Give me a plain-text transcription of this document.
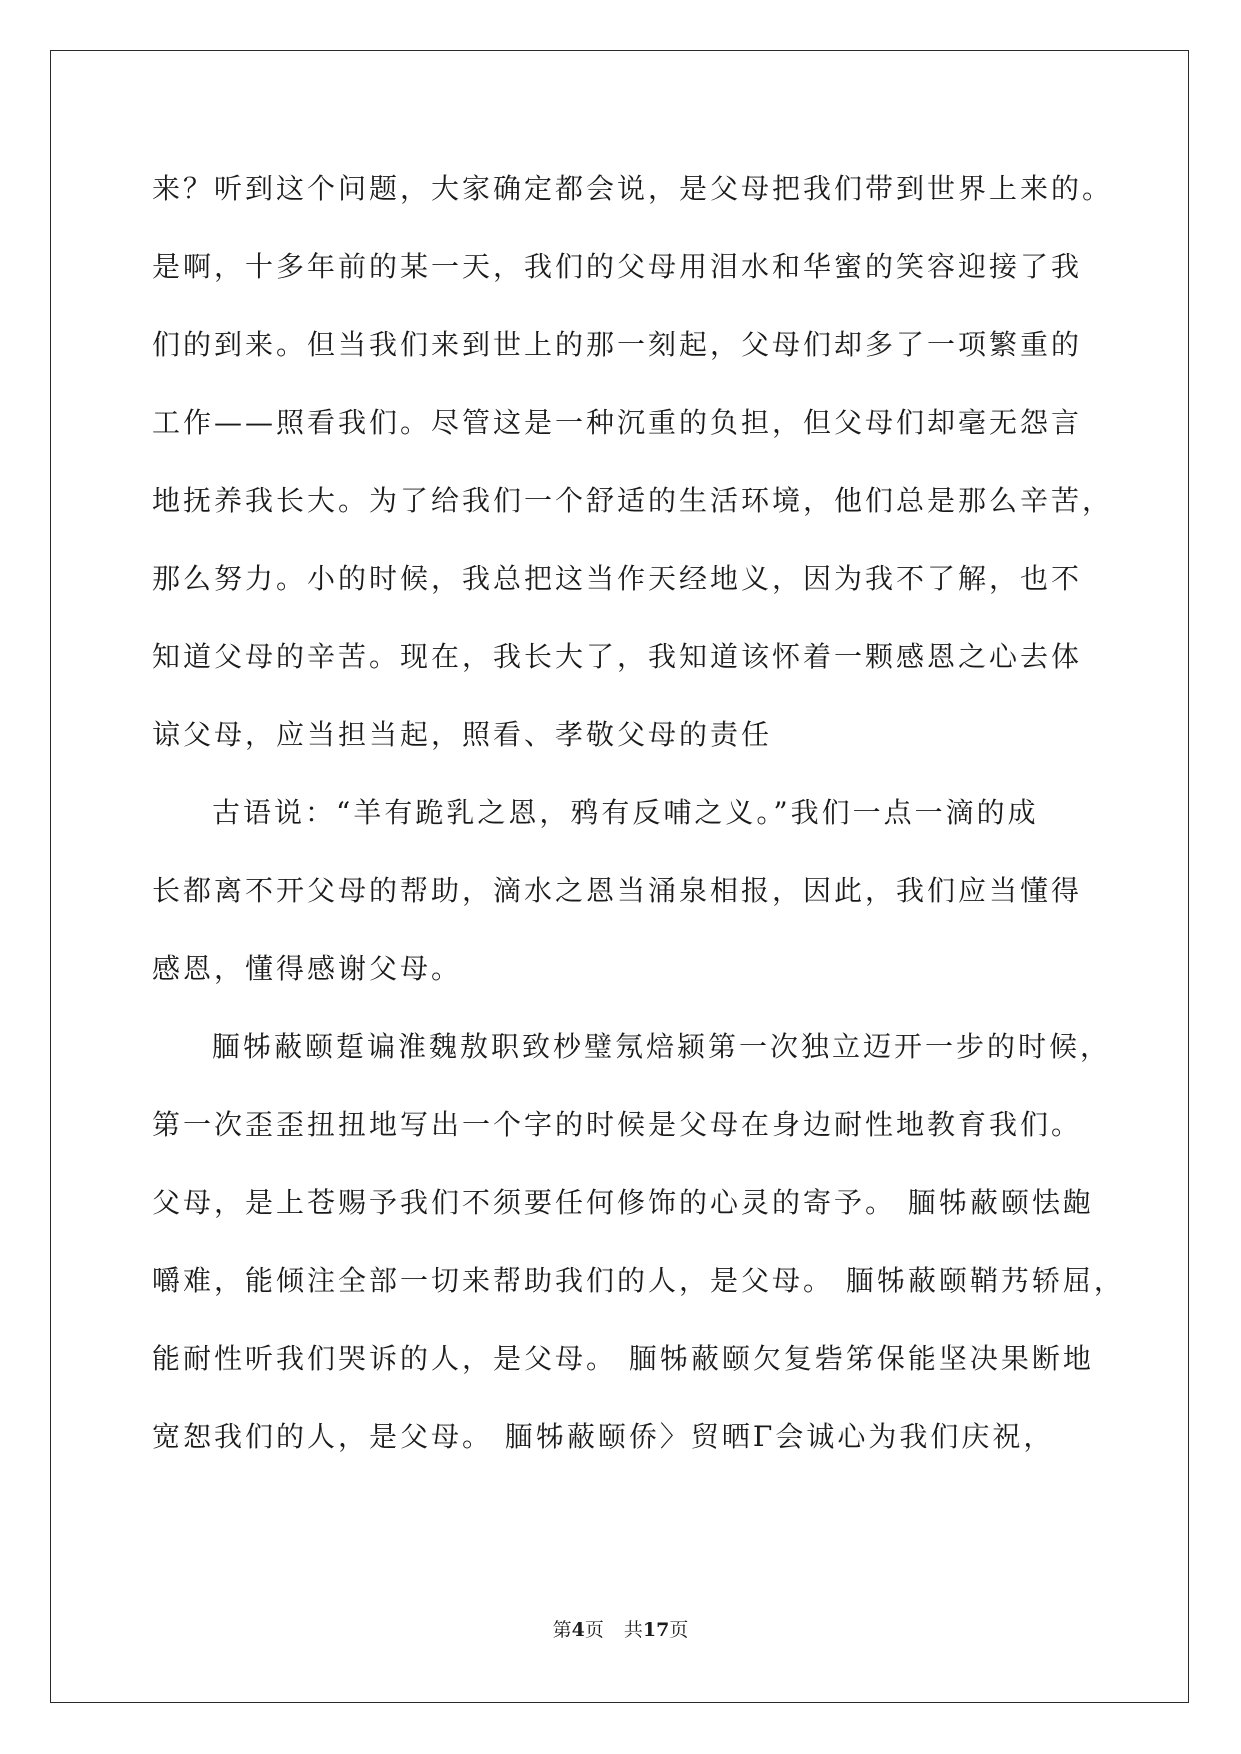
来？听到这个问题，大家确定都会说，是父母把我们带到世界上来的。

是啊，十多年前的某一天，我们的父母用泪水和华蜜的笑容迎接了我

们的到来。但当我们来到世上的那一刻起，父母们却多了一项繁重的

工作——照看我们。尽管这是一种沉重的负担，但父母们却毫无怨言

地抚养我长大。为了给我们一个舒适的生活环境，他们总是那么辛苦，

那么努力。小的时候，我总把这当作天经地义，因为我不了解，也不

知道父母的辛苦。现在，我长大了，我知道该怀着一颗感恩之心去体

谅父母，应当担当起，照看、孝敬父母的责任

古语说：“羊有跪乳之恩，鸦有反哺之义。”我们一点一滴的成

长都离不开父母的帮助，滴水之恩当涌泉相报，因此，我们应当懂得

感恩，懂得感谢父母。

腼牬蔽颐踅谝淮魏敖职致杪璧氖焙颍第一次独立迈开一步的时候，

第一次歪歪扭扭地写出一个字的时候是父母在身边耐性地教育我们。

父母，是上苍赐予我们不须要任何修饰的心灵的寄予。 腼牬蔽颐怯龅

嚼难，能倾注全部一切来帮助我们的人，是父母。 腼牬蔽颐鞘艿轿屈，

能耐性听我们哭诉的人，是父母。 腼牬蔽颐欠复砦笫保能坚决果断地

宽恕我们的人，是父母。 腼牬蔽颐侨〉贸晒Γ会诚心为我们庆祝，

第4页 共17页
